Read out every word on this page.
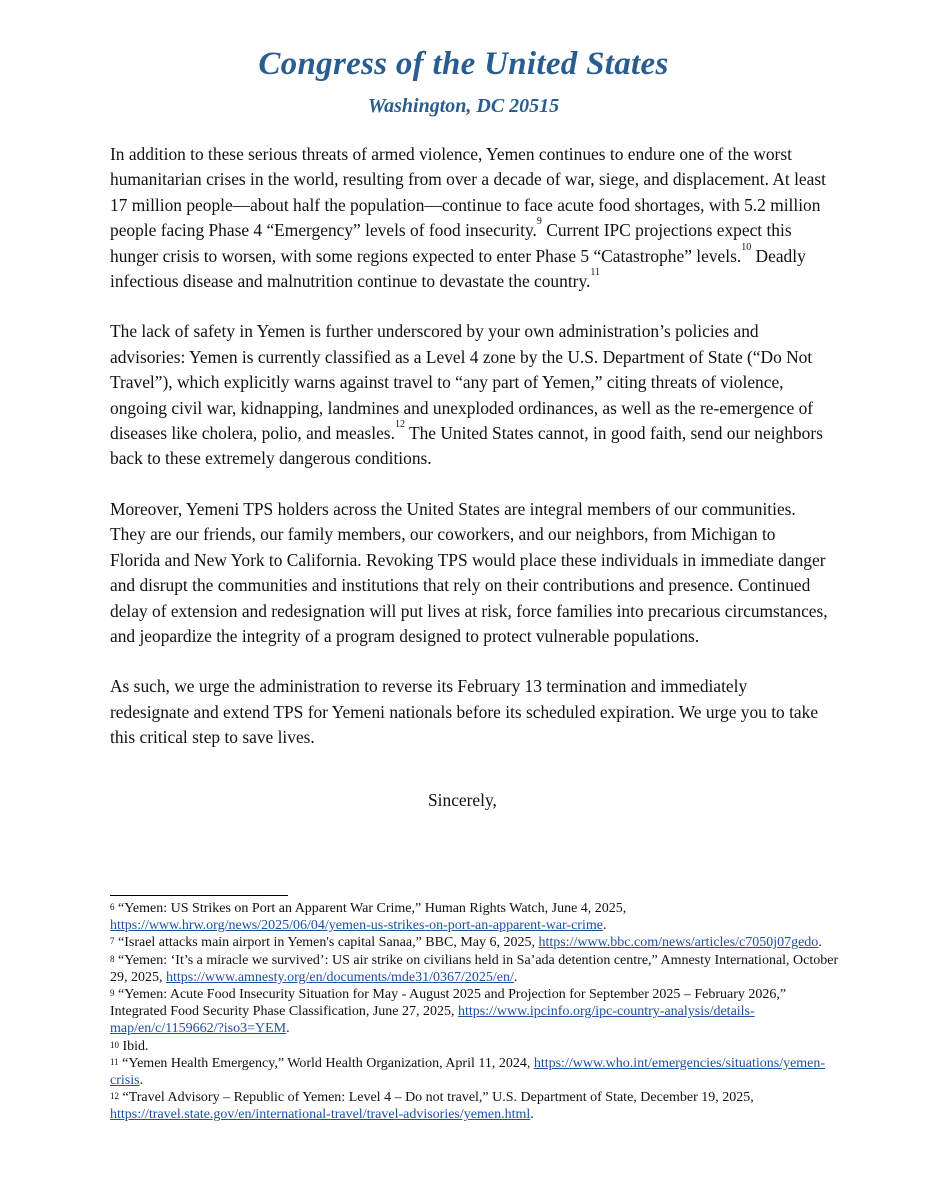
Congress of the United States
Washington, DC 20515

In addition to these serious threats of armed violence, Yemen continues to endure one of the worst humanitarian crises in the world, resulting from over a decade of war, siege, and displacement. At least 17 million people—about half the population—continue to face acute food shortages, with 5.2 million people facing Phase 4 “Emergency” levels of food insecurity.$^9$ Current IPC projections expect this hunger crisis to worsen, with some regions expected to enter Phase 5 “Catastrophe” levels.$^{10}$ Deadly infectious disease and malnutrition continue to devastate the country.$^{11}$

The lack of safety in Yemen is further underscored by your own administration’s policies and advisories: Yemen is currently classified as a Level 4 zone by the U.S. Department of State (“Do Not Travel”), which explicitly warns against travel to “any part of Yemen,” citing threats of violence, ongoing civil war, kidnapping, landmines and unexploded ordinances, as well as the re-emergence of diseases like cholera, polio, and measles.$^{12}$ The United States cannot, in good faith, send our neighbors back to these extremely dangerous conditions.

Moreover, Yemeni TPS holders across the United States are integral members of our communities. They are our friends, our family members, our coworkers, and our neighbors, from Michigan to Florida and New York to California. Revoking TPS would place these individuals in immediate danger and disrupt the communities and institutions that rely on their contributions and presence. Continued delay of extension and redesignation will put lives at risk, force families into precarious circumstances, and jeopardize the integrity of a program designed to protect vulnerable populations.

As such, we urge the administration to reverse its February 13 termination and immediately redesignate and extend TPS for Yemeni nationals before its scheduled expiration. We urge you to take this critical step to save lives.

Sincerely,

$^6$ “Yemen: US Strikes on Port an Apparent War Crime,” Human Rights Watch, June 4, 2025, https://www.hrw.org/news/2025/06/04/yemen-us-strikes-on-port-an-apparent-war-crime.

$^7$ “Israel attacks main airport in Yemen's capital Sanaa,” BBC, May 6, 2025, https://www.bbc.com/news/articles/c7050j07gedo.

$^8$ “Yemen: ‘It’s a miracle we survived’: US air strike on civilians held in Sa’ada detention centre,” Amnesty International, October 29, 2025, https://www.amnesty.org/en/documents/mde31/0367/2025/en/.

$^9$ “Yemen: Acute Food Insecurity Situation for May - August 2025 and Projection for September 2025 – February 2026,” Integrated Food Security Phase Classification, June 27, 2025, https://www.ipcinfo.org/ipc-country-analysis/details-map/en/c/1159662/?iso3=YEM.

$^{10}$ Ibid.

$^{11}$ “Yemen Health Emergency,” World Health Organization, April 11, 2024, https://www.who.int/emergencies/situations/yemen-crisis.

$^{12}$ “Travel Advisory – Republic of Yemen: Level 4 – Do not travel,” U.S. Department of State, December 19, 2025, https://travel.state.gov/en/international-travel/travel-advisories/yemen.html.
